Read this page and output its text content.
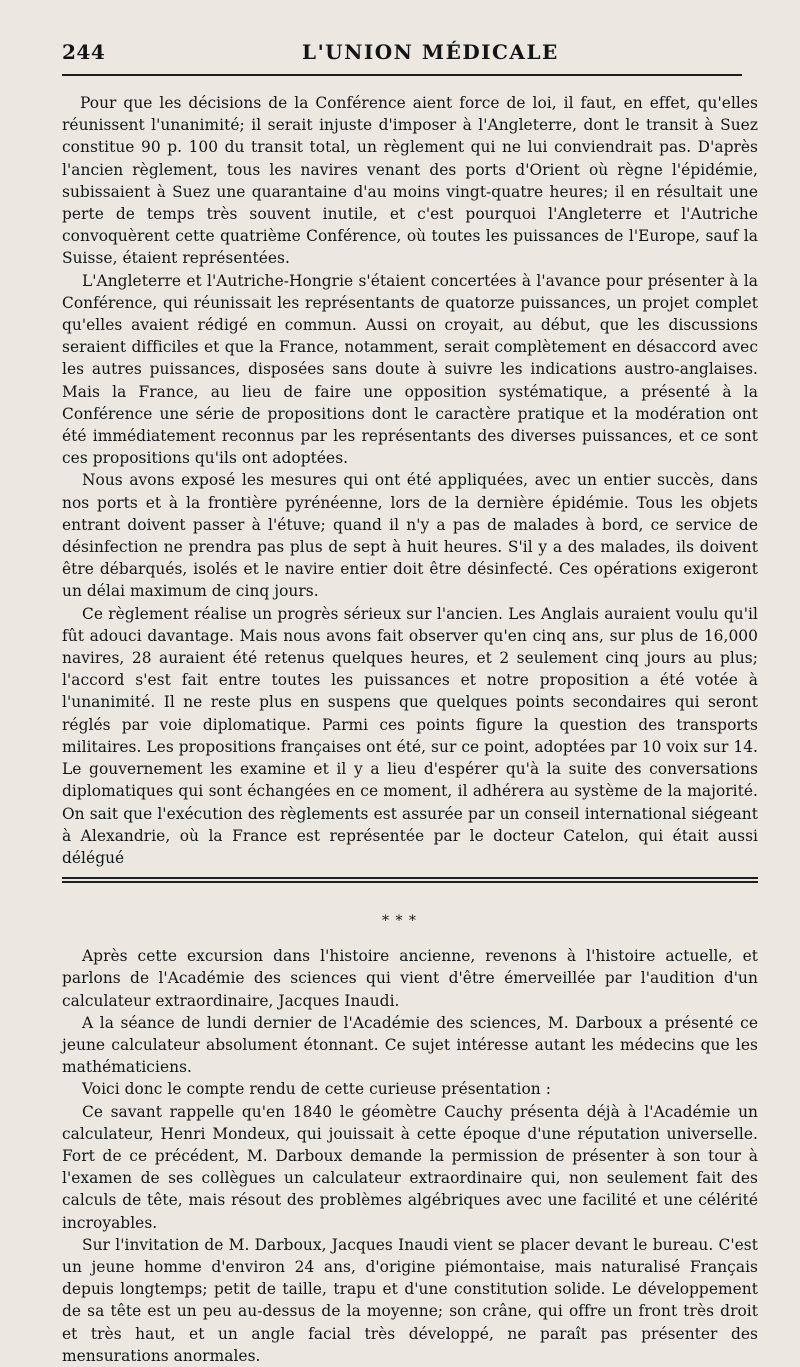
244	L'UNION MÉDICALE

Pour que les décisions de la Conférence aient force de loi, il faut, en effet, qu'elles réunissent l'unanimité; il serait injuste d'imposer à l'Angleterre, dont le transit à Suez constitue 90 p. 100 du transit total, un règlement qui ne lui conviendrait pas. D'après l'ancien règlement, tous les navires venant des ports d'Orient où règne l'épidémie, subissaient à Suez une quarantaine d'au moins vingt-quatre heures; il en résultait une perte de temps très souvent inutile, et c'est pourquoi l'Angleterre et l'Autriche convoquèrent cette quatrième Conférence, où toutes les puissances de l'Europe, sauf la Suisse, étaient représentées.

L'Angleterre et l'Autriche-Hongrie s'étaient concertées à l'avance pour présenter à la Conférence, qui réunissait les représentants de quatorze puissances, un projet complet qu'elles avaient rédigé en commun. Aussi on croyait, au début, que les discussions seraient difficiles et que la France, notamment, serait complètement en désaccord avec les autres puissances, disposées sans doute à suivre les indications austro-anglaises. Mais la France, au lieu de faire une opposition systématique, a présenté à la Conférence une série de propositions dont le caractère pratique et la modération ont été immédiatement reconnus par les représentants des diverses puissances, et ce sont ces propositions qu'ils ont adoptées.

Nous avons exposé les mesures qui ont été appliquées, avec un entier succès, dans nos ports et à la frontière pyrénéenne, lors de la dernière épidémie. Tous les objets entrant doivent passer à l'étuve; quand il n'y a pas de malades à bord, ce service de désinfection ne prendra pas plus de sept à huit heures. S'il y a des malades, ils doivent être débarqués, isolés et le navire entier doit être désinfecté. Ces opérations exigeront un délai maximum de cinq jours.

Ce règlement réalise un progrès sérieux sur l'ancien. Les Anglais auraient voulu qu'il fût adouci davantage. Mais nous avons fait observer qu'en cinq ans, sur plus de 16,000 navires, 28 auraient été retenus quelques heures, et 2 seulement cinq jours au plus; l'accord s'est fait entre toutes les puissances et notre proposition a été votée à l'unanimité. Il ne reste plus en suspens que quelques points secondaires qui seront réglés par voie diplomatique. Parmi ces points figure la question des transports militaires. Les propositions françaises ont été, sur ce point, adoptées par 10 voix sur 14. Le gouvernement les examine et il y a lieu d'espérer qu'à la suite des conversations diplomatiques qui sont échangées en ce moment, il adhérera au système de la majorité. On sait que l'exécution des règlements est assurée par un conseil international siégeant à Alexandrie, où la France est représentée par le docteur Catelon, qui était aussi délégué

* * *

Après cette excursion dans l'histoire ancienne, revenons à l'histoire actuelle, et parlons de l'Académie des sciences qui vient d'être émerveillée par l'audition d'un calculateur extraordinaire, Jacques Inaudi.

A la séance de lundi dernier de l'Académie des sciences, M. Darboux a présenté ce jeune calculateur absolument étonnant. Ce sujet intéresse autant les médecins que les mathématiciens.

Voici donc le compte rendu de cette curieuse présentation :

Ce savant rappelle qu'en 1840 le géomètre Cauchy présenta déjà à l'Académie un calculateur, Henri Mondeux, qui jouissait à cette époque d'une réputation universelle. Fort de ce précédent, M. Darboux demande la permission de présenter à son tour à l'examen de ses collègues un calculateur extraordinaire qui, non seulement fait des calculs de tête, mais résout des problèmes algébriques avec une facilité et une célérité incroyables.

Sur l'invitation de M. Darboux, Jacques Inaudi vient se placer devant le bureau. C'est un jeune homme d'environ 24 ans, d'origine piémontaise, mais naturalisé Français depuis longtemps; petit de taille, trapu et d'une constitution solide. Le développement de sa tête est un peu au-dessus de la moyenne; son crâne, qui offre un front très droit et très haut, et un angle facial très développé, ne paraît pas présenter des mensurations anormales.
